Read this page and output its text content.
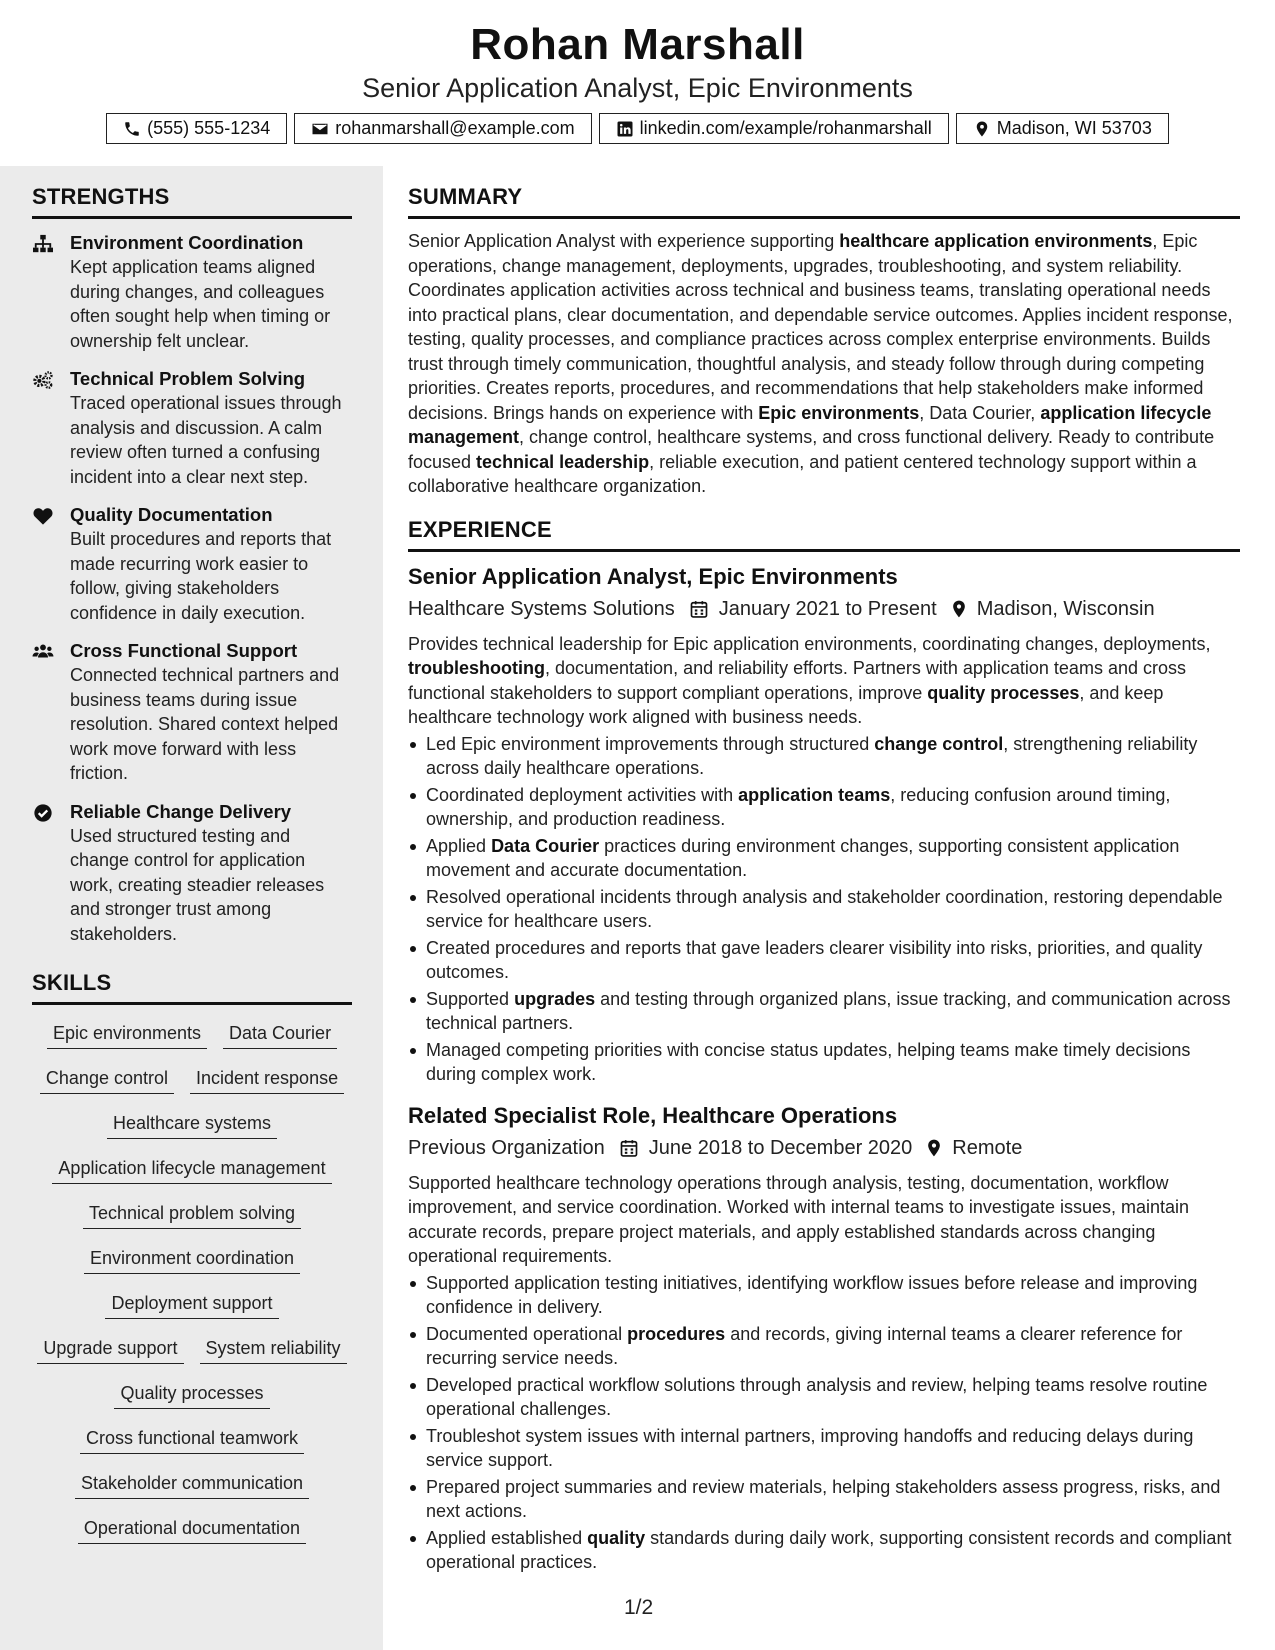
Rohan Marshall
Senior Application Analyst, Epic Environments
(555) 555-1234	rohanmarshall@example.com	linkedin.com/example/rohanmarshall	Madison, WI 53703
STRENGTHS
Environment Coordination
Kept application teams aligned during changes, and colleagues often sought help when timing or ownership felt unclear.
Technical Problem Solving
Traced operational issues through analysis and discussion. A calm review often turned a confusing incident into a clear next step.
Quality Documentation
Built procedures and reports that made recurring work easier to follow, giving stakeholders confidence in daily execution.
Cross Functional Support
Connected technical partners and business teams during issue resolution. Shared context helped work move forward with less friction.
Reliable Change Delivery
Used structured testing and change control for application work, creating steadier releases and stronger trust among stakeholders.
SKILLS
Epic environments	Data Courier
Change control	Incident response
Healthcare systems
Application lifecycle management
Technical problem solving
Environment coordination
Deployment support
Upgrade support	System reliability
Quality processes
Cross functional teamwork
Stakeholder communication
Operational documentation
SUMMARY
Senior Application Analyst with experience supporting healthcare application environments, Epic operations, change management, deployments, upgrades, troubleshooting, and system reliability. Coordinates application activities across technical and business teams, translating operational needs into practical plans, clear documentation, and dependable service outcomes. Applies incident response, testing, quality processes, and compliance practices across complex enterprise environments. Builds trust through timely communication, thoughtful analysis, and steady follow through during competing priorities. Creates reports, procedures, and recommendations that help stakeholders make informed decisions. Brings hands on experience with Epic environments, Data Courier, application lifecycle management, change control, healthcare systems, and cross functional delivery. Ready to contribute focused technical leadership, reliable execution, and patient centered technology support within a collaborative healthcare organization.
EXPERIENCE
Senior Application Analyst, Epic Environments
Healthcare Systems Solutions January 2021 to Present Madison, Wisconsin
Provides technical leadership for Epic application environments, coordinating changes, deployments, troubleshooting, documentation, and reliability efforts. Partners with application teams and cross functional stakeholders to support compliant operations, improve quality processes, and keep healthcare technology work aligned with business needs.
Led Epic environment improvements through structured change control, strengthening reliability across daily healthcare operations.
Coordinated deployment activities with application teams, reducing confusion around timing, ownership, and production readiness.
Applied Data Courier practices during environment changes, supporting consistent application movement and accurate documentation.
Resolved operational incidents through analysis and stakeholder coordination, restoring dependable service for healthcare users.
Created procedures and reports that gave leaders clearer visibility into risks, priorities, and quality outcomes.
Supported upgrades and testing through organized plans, issue tracking, and communication across technical partners.
Managed competing priorities with concise status updates, helping teams make timely decisions during complex work.
Related Specialist Role, Healthcare Operations
Previous Organization June 2018 to December 2020 Remote
Supported healthcare technology operations through analysis, testing, documentation, workflow improvement, and service coordination. Worked with internal teams to investigate issues, maintain accurate records, prepare project materials, and apply established standards across changing operational requirements.
Supported application testing initiatives, identifying workflow issues before release and improving confidence in delivery.
Documented operational procedures and records, giving internal teams a clearer reference for recurring service needs.
Developed practical workflow solutions through analysis and review, helping teams resolve routine operational challenges.
Troubleshot system issues with internal partners, improving handoffs and reducing delays during service support.
Prepared project summaries and review materials, helping stakeholders assess progress, risks, and next actions.
Applied established quality standards during daily work, supporting consistent records and compliant operational practices.
1/2
